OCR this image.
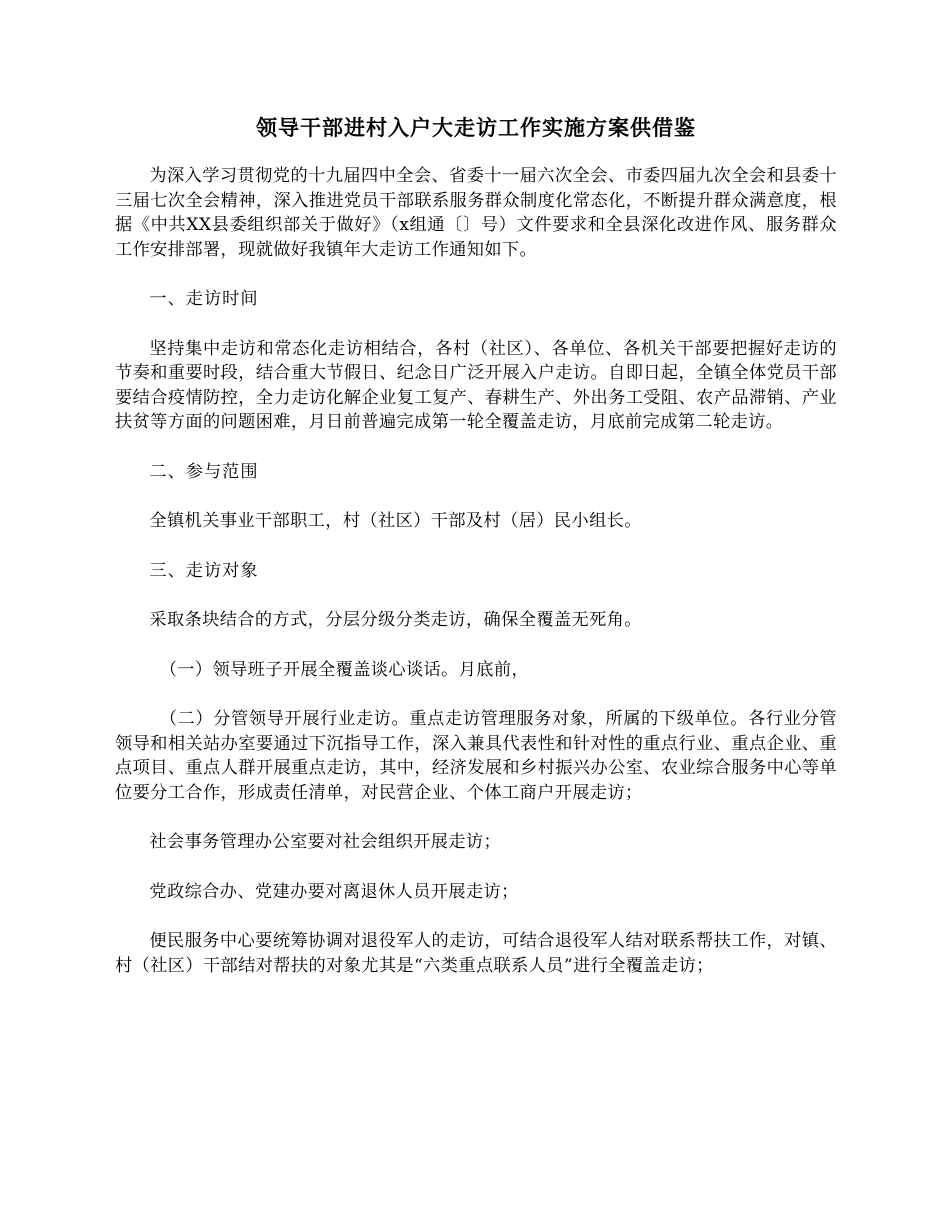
领导干部进村入户大走访工作实施方案供借鉴

为深入学习贯彻党的十九届四中全会、省委十一届六次全会、市委四届九次全会和县委十三届七次全会精神，深入推进党员干部联系服务群众制度化常态化，不断提升群众满意度，根据《中共XX县委组织部关于做好》（x组通〔〕号）文件要求和全县深化改进作风、服务群众工作安排部署，现就做好我镇年大走访工作通知如下。

一、走访时间

坚持集中走访和常态化走访相结合，各村（社区）、各单位、各机关干部要把握好走访的节奏和重要时段，结合重大节假日、纪念日广泛开展入户走访。自即日起，全镇全体党员干部要结合疫情防控，全力走访化解企业复工复产、春耕生产、外出务工受阻、农产品滞销、产业扶贫等方面的问题困难，月日前普遍完成第一轮全覆盖走访，月底前完成第二轮走访。

二、参与范围

全镇机关事业干部职工，村（社区）干部及村（居）民小组长。

三、走访对象

采取条块结合的方式，分层分级分类走访，确保全覆盖无死角。

（一）领导班子开展全覆盖谈心谈话。月底前，

（二）分管领导开展行业走访。重点走访管理服务对象，所属的下级单位。各行业分管领导和相关站办室要通过下沉指导工作，深入兼具代表性和针对性的重点行业、重点企业、重点项目、重点人群开展重点走访，其中，经济发展和乡村振兴办公室、农业综合服务中心等单位要分工合作，形成责任清单，对民营企业、个体工商户开展走访；

社会事务管理办公室要对社会组织开展走访；

党政综合办、党建办要对离退休人员开展走访；

便民服务中心要统筹协调对退役军人的走访，可结合退役军人结对联系帮扶工作，对镇、村（社区）干部结对帮扶的对象尤其是“六类重点联系人员”进行全覆盖走访；
